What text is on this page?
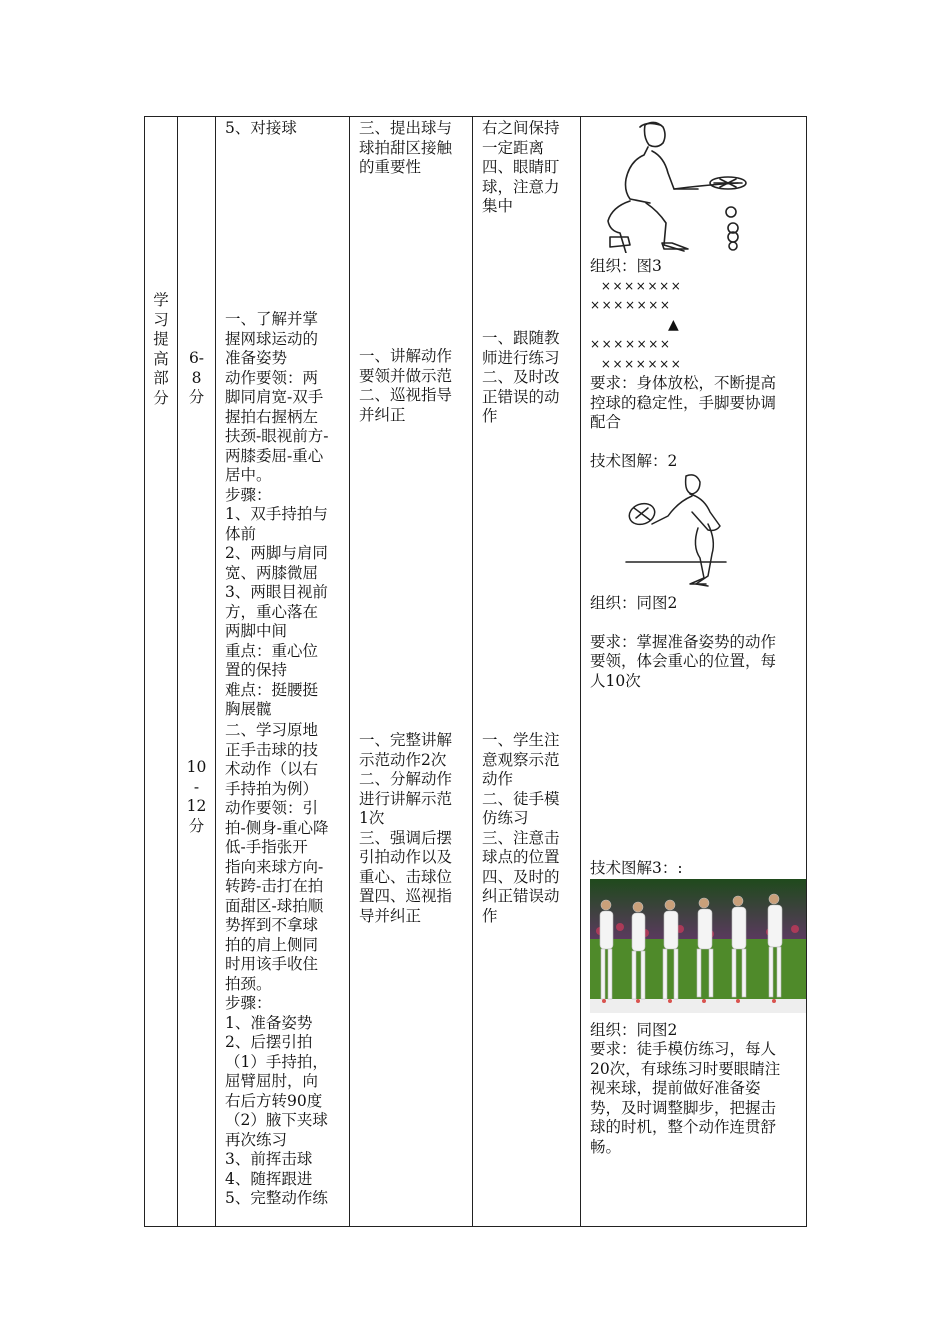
学
习
提
高
部
分
6-
8
分
10
-
12
分
5、对接球
一、了解并掌
握网球运动的
准备姿势
动作要领：两
脚同肩宽-双手
握拍右握柄左
扶颈-眼视前方-
两膝委屈-重心
居中。
步骤：
1、双手持拍与
体前
2、两脚与肩同
宽、两膝微屈
3、两眼目视前
方，重心落在
两脚中间
重点：重心位
置的保持
难点：挺腰挺
胸展髋
二、学习原地
正手击球的技
术动作（以右
手持拍为例）
动作要领：引
拍-侧身-重心降
低-手指张开
指向来球方向-
转跨-击打在拍
面甜区-球拍顺
势挥到不拿球
拍的肩上侧同
时用该手收住
拍颈。
步骤：
1、准备姿势
2、后摆引拍
（1）手持拍，
屈臂屈肘，向
右后方转90度
（2）腋下夹球
再次练习
3、前挥击球
4、随挥跟进
5、完整动作练
三、提出球与
球拍甜区接触
的重要性
一、讲解动作
要领并做示范
二、巡视指导
并纠正
一、完整讲解
示范动作2次
二、分解动作
进行讲解示范
1次
三、强调后摆
引拍动作以及
重心、击球位
置四、巡视指
导并纠正
右之间保持
一定距离
四、眼睛盯
球，注意力
集中
一、跟随教
师进行练习
二、及时改
正错误的动
作
一、学生注
意观察示范
动作
二、徒手模
仿练习
三、注意击
球点的位置
四、及时的
纠正错误动
作
组织：图3
×××××××
×××××××
▲
×××××××
×××××××

要求：身体放松，不断提高
控球的稳定性，手脚要协调
配合

技术图解：2
组织：同图2

要求：掌握准备姿势的动作
要领，体会重心的位置，每
人10次

技术图解3：:
组织：同图2

要求：徒手模仿练习，每人
20次，有球练习时要眼睛注
视来球，提前做好准备姿
势，及时调整脚步，把握击
球的时机，整个动作连贯舒
畅。
